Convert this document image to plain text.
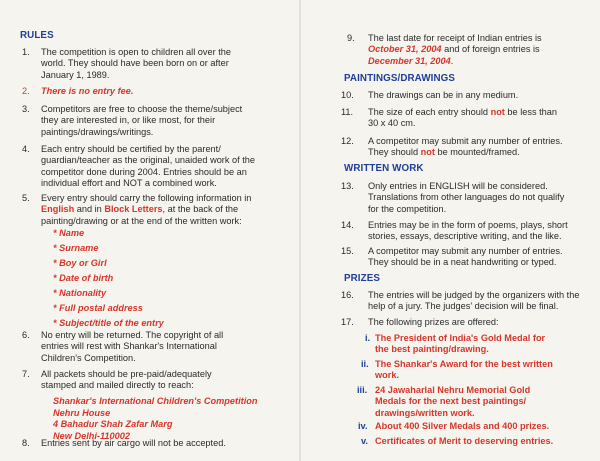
RULES
1. The competition is open to children all over the
world. They should have been born on or after
January 1, 1989.
2. There is no entry fee.
3. Competitors are free to choose the theme/subject
they are interested in, or like most, for their
paintings/drawings/writings.
4. Each entry should be certified by the parent/
guardian/teacher as the original, unaided work of the
competitor done during 2004. Entries should be an
individual effort and NOT a combined work.
5. Every entry should carry the following information in
English and in Block Letters, at the back of the
painting/drawing or at the end of the written work:
* Name
* Surname
* Boy or Girl
* Date of birth
* Nationality
* Full postal address
* Subject/title of the entry
6. No entry will be returned. The copyright of all
entries will rest with Shankar's International
Children's Competition.
7. All packets should be pre-paid/adequately
stamped and mailed directly to reach:
Shankar's International Children's Competition
Nehru House
4 Bahadur Shah Zafar Marg
New Delhi-110002
8. Entries sent by air cargo will not be accepted.
9. The last date for receipt of Indian entries is
October 31, 2004 and of foreign entries is
December 31, 2004.
PAINTINGS/DRAWINGS
10. The drawings can be in any medium.
11. The size of each entry should not be less than
30 x 40 cm.
12. A competitor may submit any number of entries.
They should not be mounted/framed.
WRITTEN WORK
13. Only entries in ENGLISH will be considered.
Translations from other languages do not qualify
for the competition.
14. Entries may be in the form of poems, plays, short
stories, essays, descriptive writing, and the like.
15. A competitor may submit any number of entries.
They should be in a neat handwriting or typed.
PRIZES
16. The entries will be judged by the organizers with the
help of a jury. The judges' decision will be final.
17. The following prizes are offered:
i. The President of India's Gold Medal for
the best painting/drawing.
ii. The Shankar's Award for the best written
work.
iii. 24 Jawaharlal Nehru Memorial Gold
Medals for the next best paintings/
drawings/written work.
iv. About 400 Silver Medals and 400 prizes.
v. Certificates of Merit to deserving entries.
